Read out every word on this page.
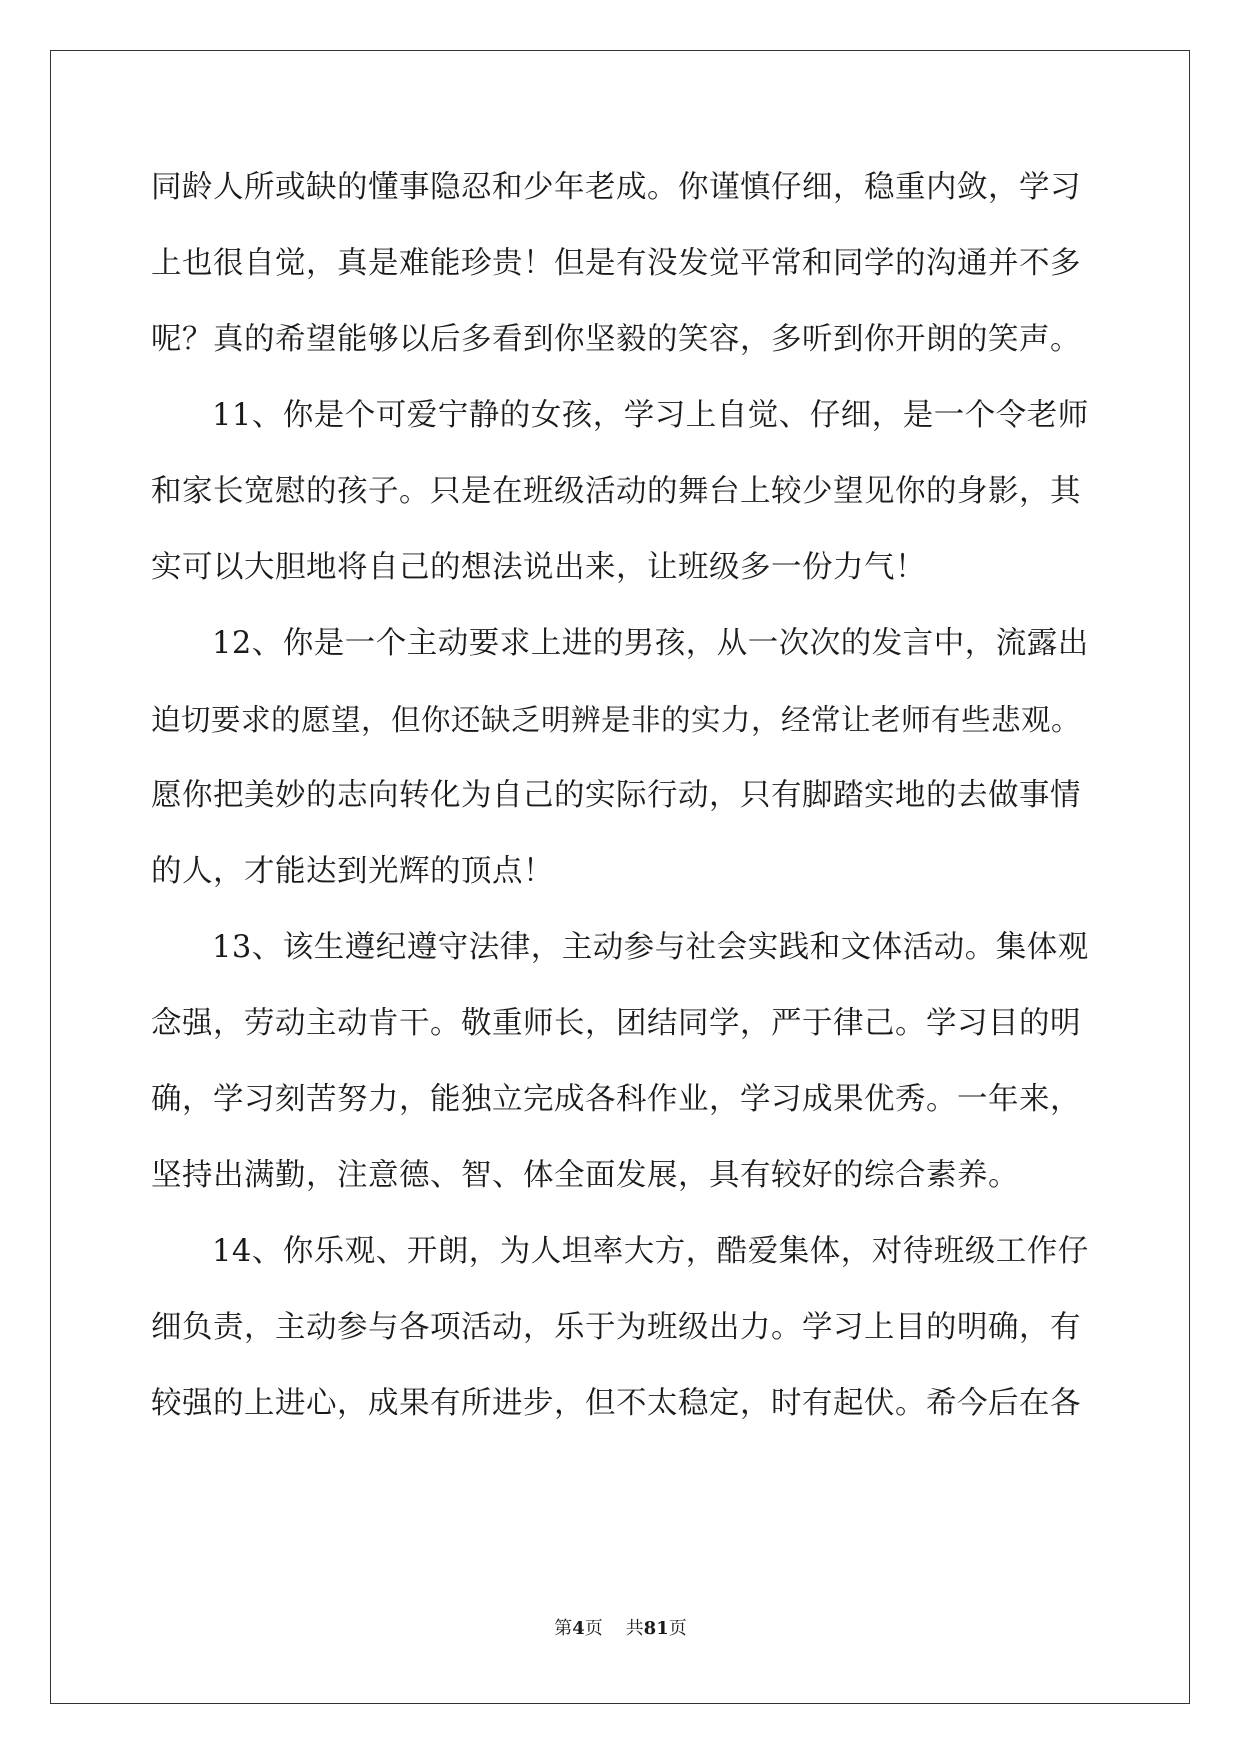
同龄人所或缺的懂事隐忍和少年老成。你谨慎仔细，稳重内敛，学习
上也很自觉，真是难能珍贵！但是有没发觉平常和同学的沟通并不多
呢？真的希望能够以后多看到你坚毅的笑容，多听到你开朗的笑声。
11、你是个可爱宁静的女孩，学习上自觉、仔细，是一个令老师
和家长宽慰的孩子。只是在班级活动的舞台上较少望见你的身影，其
实可以大胆地将自己的想法说出来，让班级多一份力气！
12、你是一个主动要求上进的男孩，从一次次的发言中，流露出
迫切要求的愿望，但你还缺乏明辨是非的实力，经常让老师有些悲观。
愿你把美妙的志向转化为自己的实际行动，只有脚踏实地的去做事情
的人，才能达到光辉的顶点！
13、该生遵纪遵守法律，主动参与社会实践和文体活动。集体观
念强，劳动主动肯干。敬重师长，团结同学，严于律己。学习目的明
确，学习刻苦努力，能独立完成各科作业，学习成果优秀。一年来，
坚持出满勤，注意德、智、体全面发展，具有较好的综合素养。
14、你乐观、开朗，为人坦率大方，酷爱集体，对待班级工作仔
细负责，主动参与各项活动，乐于为班级出力。学习上目的明确，有
较强的上进心，成果有所进步，但不太稳定，时有起伏。希今后在各
第4页 共81页
